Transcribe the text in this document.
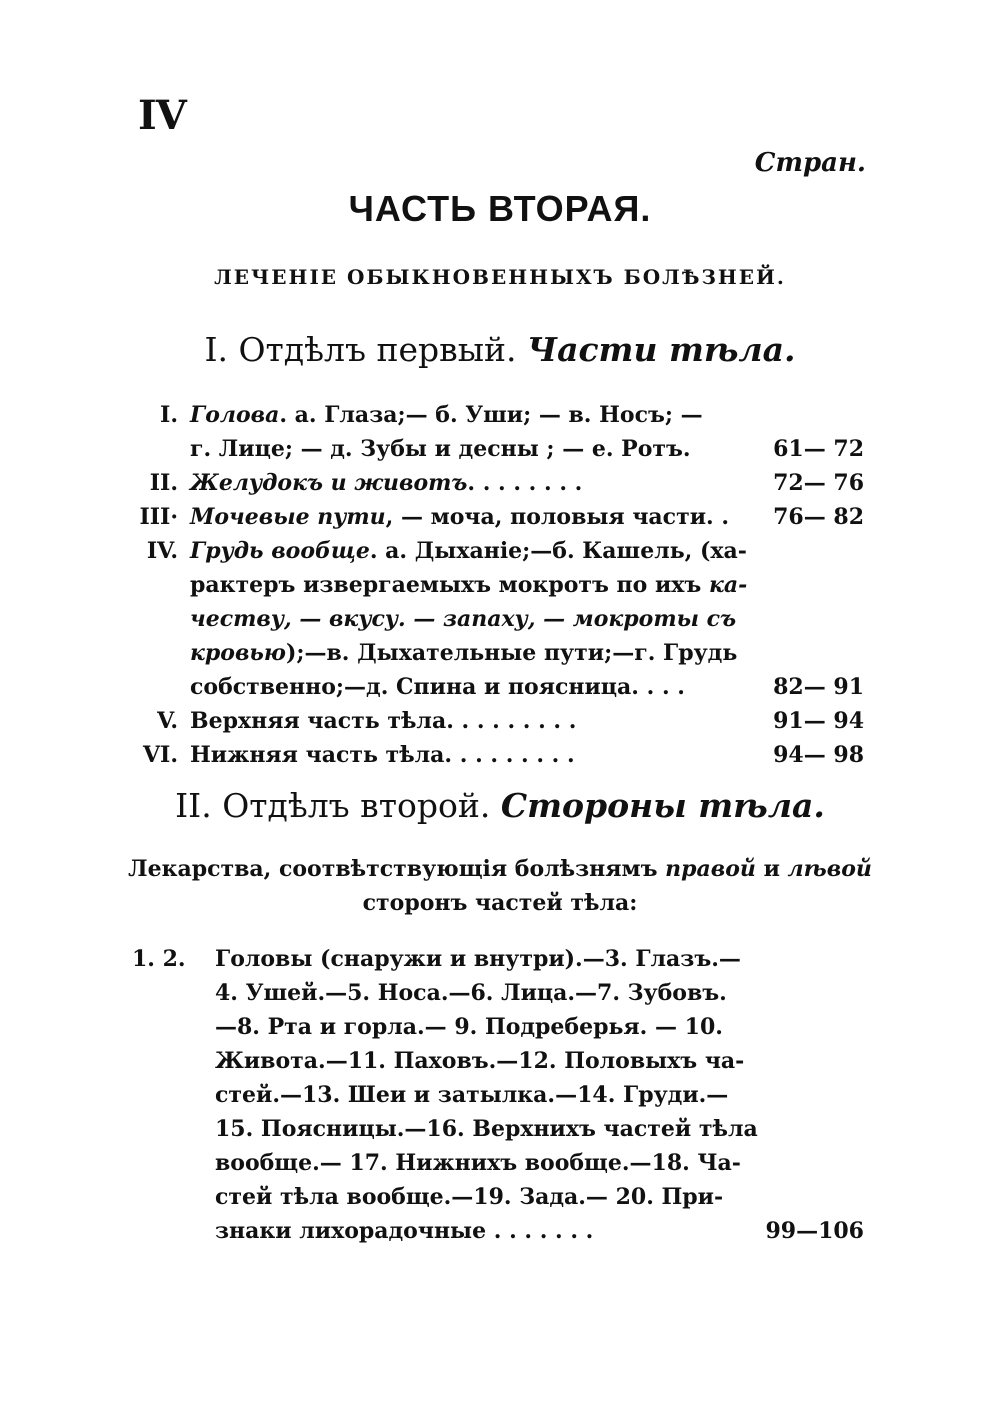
IV
Стран.
ЧАСТЬ ВТОРАЯ.
ЛЕЧЕНІЕ ОБЫКНОВЕННЫХЪ БОЛѢЗНЕЙ.
I. Отдѣлъ первый. Части тѣла.
I. Голова. а. Глаза;— б. Уши; — в. Носъ; —
г. Лице; — д. Зубы и десны ; — е. Ротъ.	61— 72
II. Желудокъ и животъ. . . . . . . .	72— 76
III· Мочевые пути, — моча, половыя части. .	76— 82
IV. Грудь вообще. а. Дыханіе;—б. Кашель, (ха-
рактеръ извергаемыхъ мокротъ по ихъ ка-
честву, — вкусу. — запаху, — мокроты съ
кровью);—в. Дыхательные пути;—г. Грудь
собственно;—д. Спина и поясница. . . .	82— 91
V. Верхняя часть тѣла. . . . . . . . .	91— 94
VI. Нижняя часть тѣла. . . . . . . . .	94— 98
II. Отдѣлъ второй. Стороны тѣла.
Лекарства, соотвѣтствующія болѣзнямъ правой и лѣвой
сторонъ частей тѣла:
1. 2. Головы (снаружи и внутри).—3. Глазъ.—
4. Ушей.—5. Носа.—6. Лица.—7. Зубовъ.
—8. Рта и горла.— 9. Подреберья. — 10.
Живота.—11. Паховъ.—12. Половыхъ ча-
стей.—13. Шеи и затылка.—14. Груди.—
15. Поясницы.—16. Верхнихъ частей тѣла
вообще.— 17. Нижнихъ вообще.—18. Ча-
стей тѣла вообще.—19. Зада.— 20. При-
знаки лихорадочные . . . . . . .	99—106
